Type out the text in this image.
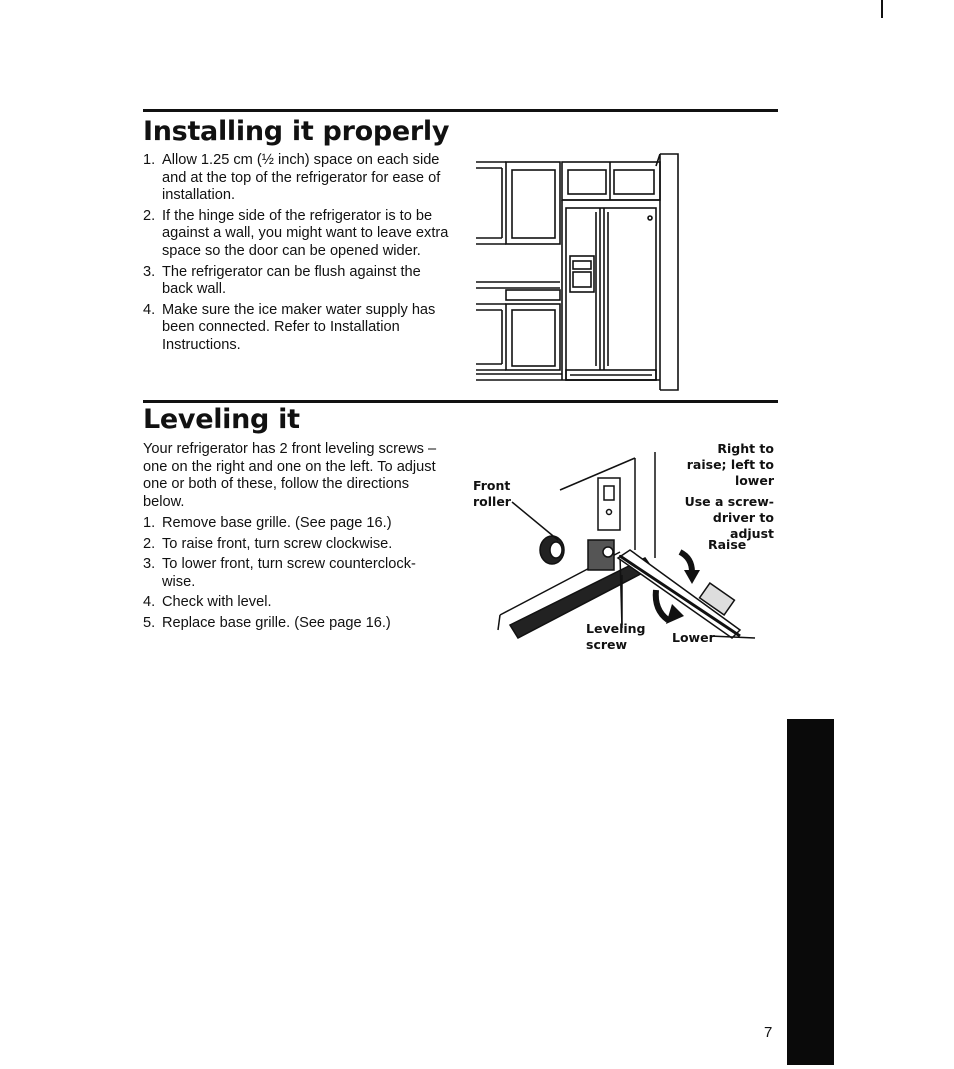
Installing it properly
1. Allow 1.25 cm (½ inch) space on each side and at the top of the refrigerator for ease of installation.
2. If the hinge side of the refrigerator is to be against a wall, you might want to leave extra space so the door can be opened wider.
3. The refrigerator can be flush against the back wall.
4. Make sure the ice maker water supply has been connected. Refer to Installation Instructions.
Leveling it

Your refrigerator has 2 front leveling screws – one on the right and one on the left. To adjust one or both of these, follow the directions below.

1. Remove base grille. (See page 16.)
2. To raise front, turn screw clockwise.
3. To lower front, turn screw counterclock-wise.
4. Check with level.
5. Replace base grille. (See page 16.)
Front roller
Right to raise; left to lower
Use a screw-driver to adjust
Raise
Lower
Leveling screw
7
